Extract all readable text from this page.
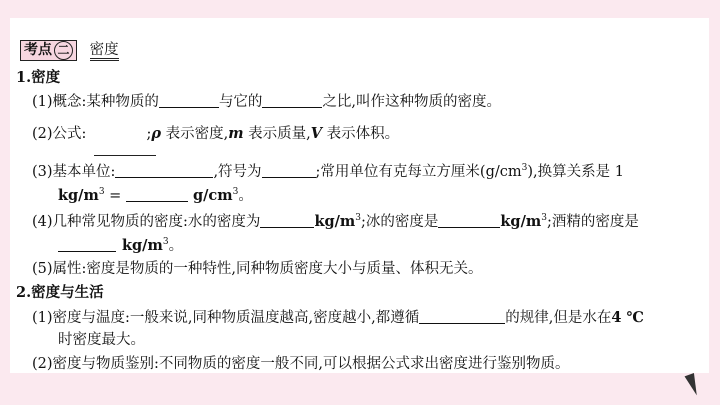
考点 二 密度
1.密度
(1)概念:某种物质的	与它的	之比,叫作这种物质的密度。
(2)公式:	;ρ 表示密度,m 表示质量,V 表示体积。
(3)基本单位:	,符号为	;常用单位有克每立方厘米$(g/cm^3)$,换算关系是 1
$kg/m^3$ =	$g/cm^3$。
(4)几种常见物质的密度:水的密度为	$kg/m^3$;冰的密度是	$kg/m^3$;酒精的密度是
$kg/m^3$。
(5)属性:密度是物质的一种特性,同种物质密度大小与质量、体积无关。
2.密度与生活
(1)密度与温度:一般来说,同种物质温度越高,密度越小,都遵循	的规律,但是水在4 ℃
时密度最大。
(2)密度与物质鉴别:不同物质的密度一般不同,可以根据公式求出密度进行鉴别物质。
